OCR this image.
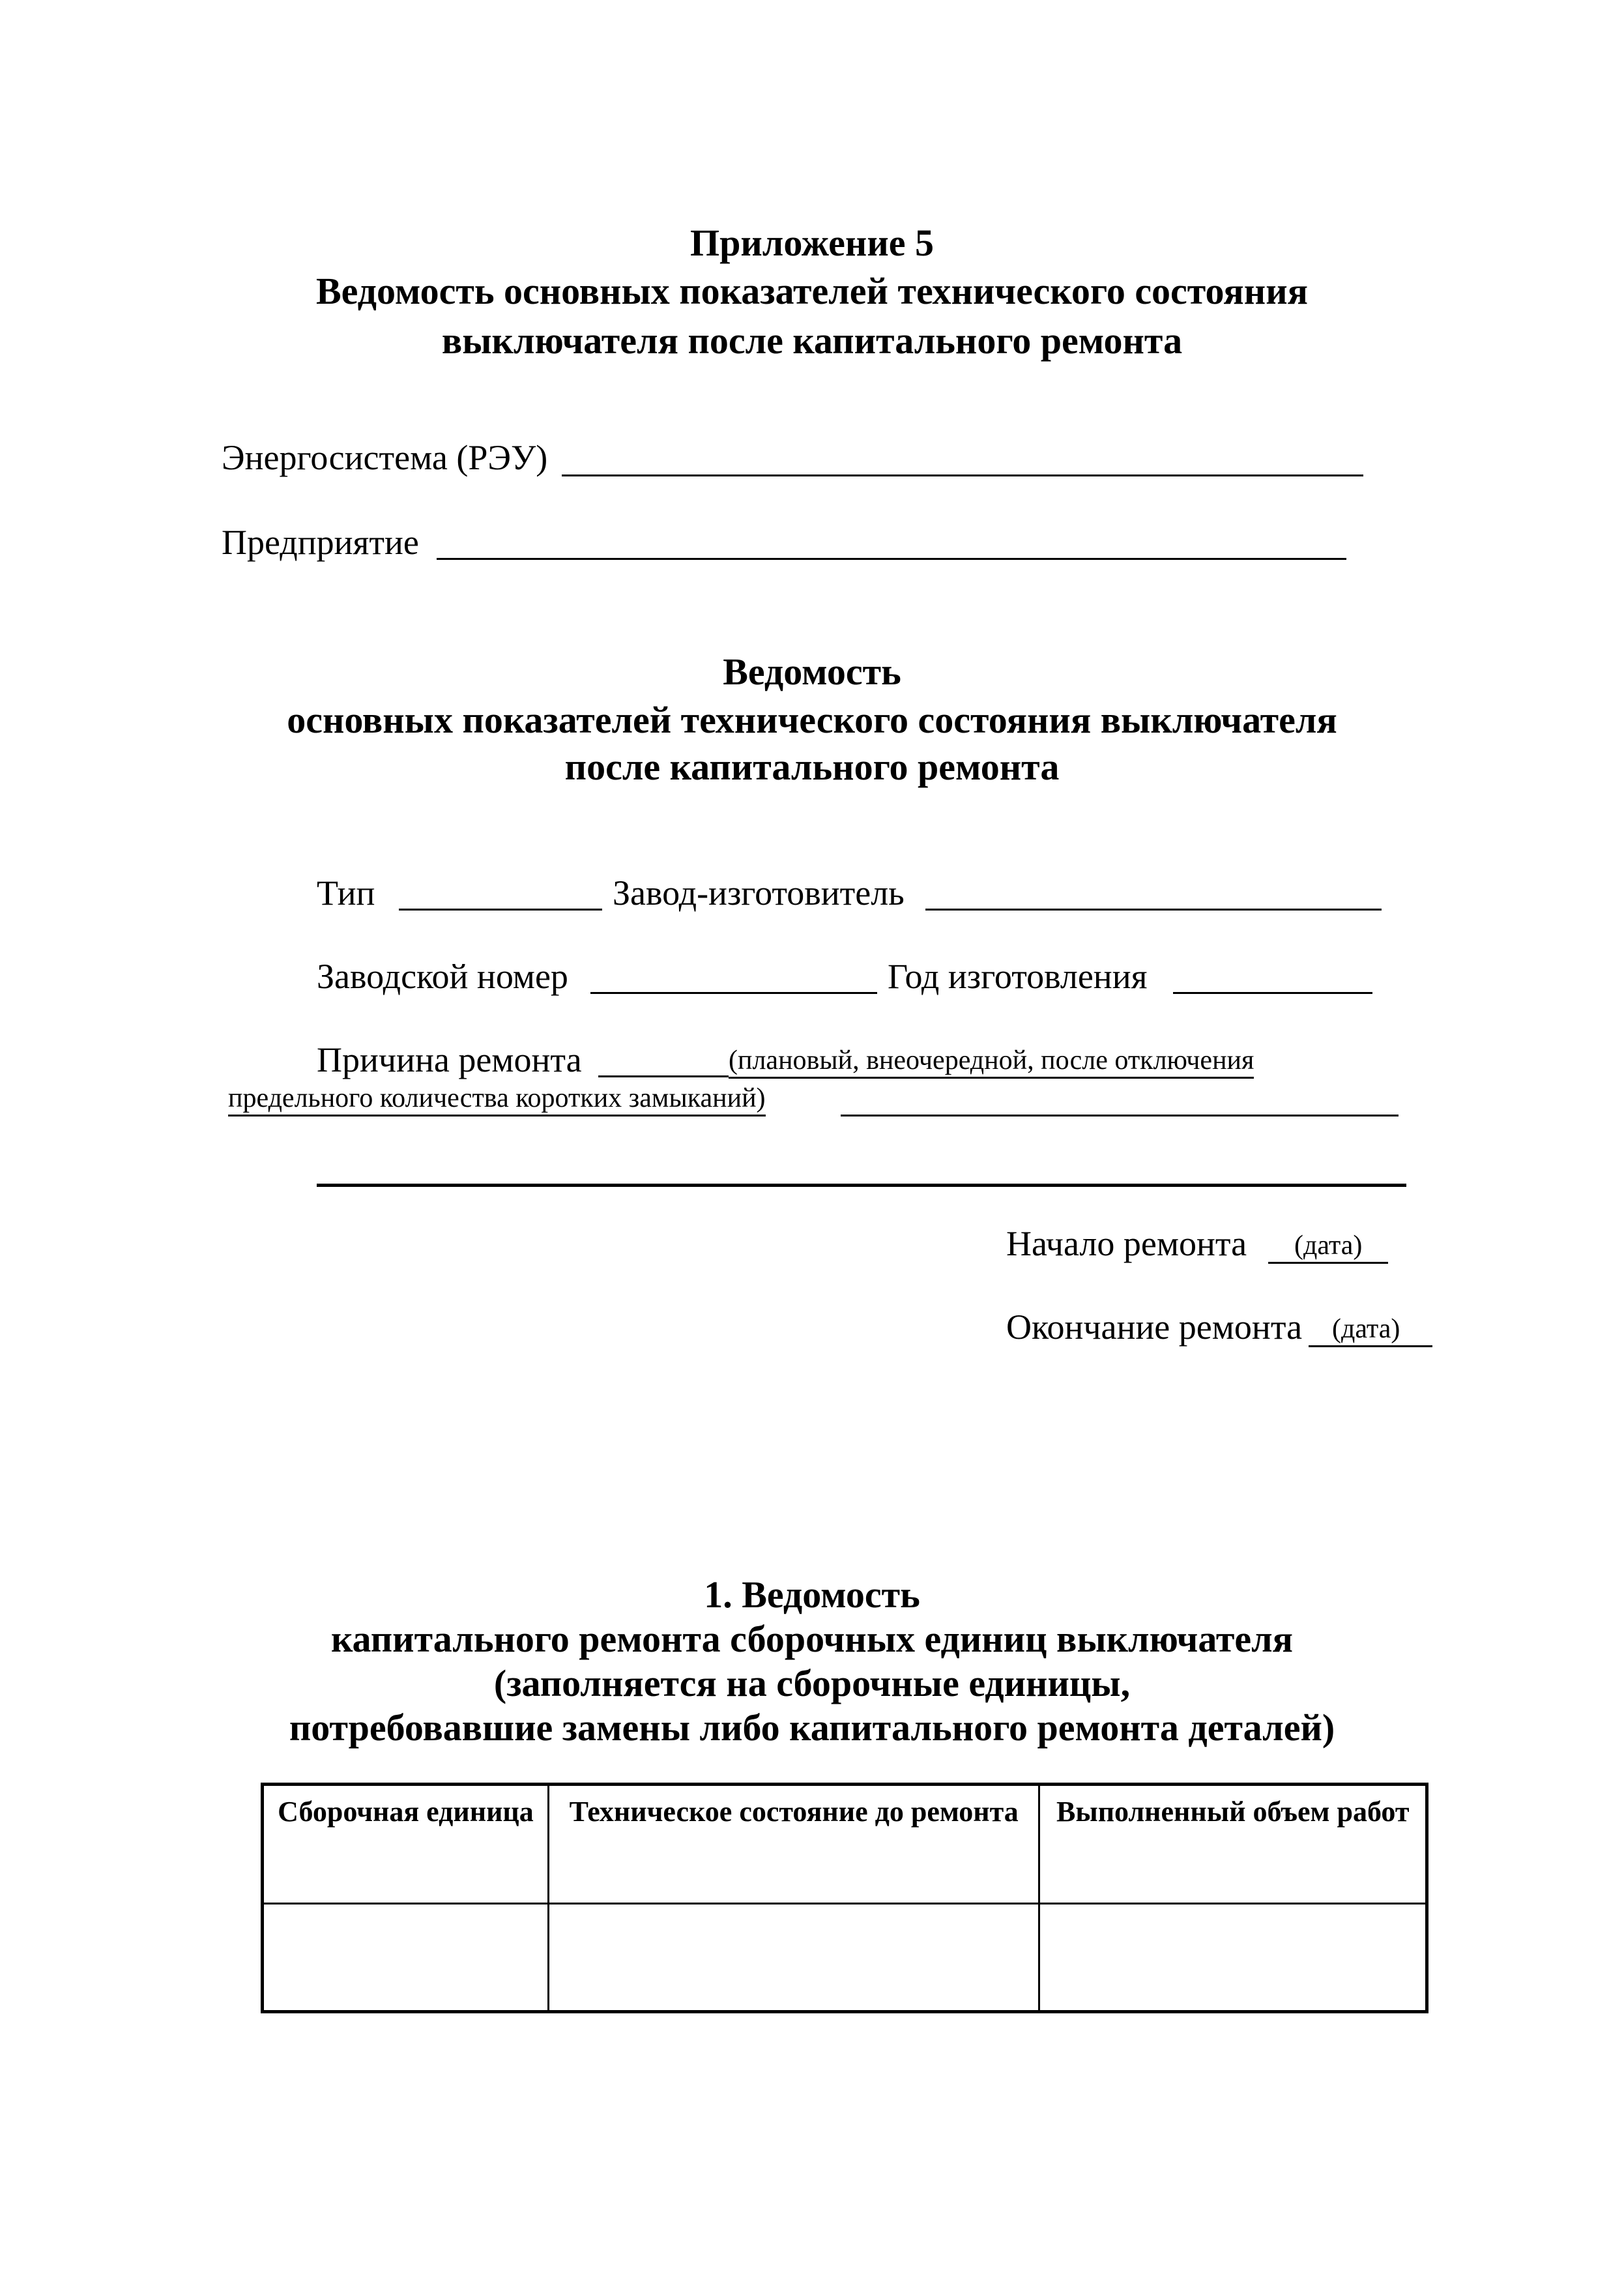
Приложение 5
Ведомость основных показателей технического состояния
выключателя после капитального ремонта
Энергосистема (РЭУ)
Предприятие
Ведомость
основных показателей технического состояния выключателя
после капитального ремонта
Тип	Завод-изготовитель
Заводской номер	Год изготовления
Причина ремонта	(плановый, внеочередной, после отключения
предельного количества коротких замыканий)
Начало ремонта	(дата)
Окончание ремонта	(дата)
1. Ведомость
капитального ремонта сборочных единиц выключателя
(заполняется на сборочные единицы,
потребовавшие замены либо капитального ремонта деталей)
Сборочная единица	Техническое состояние до ремонта	Выполненный объем работ
